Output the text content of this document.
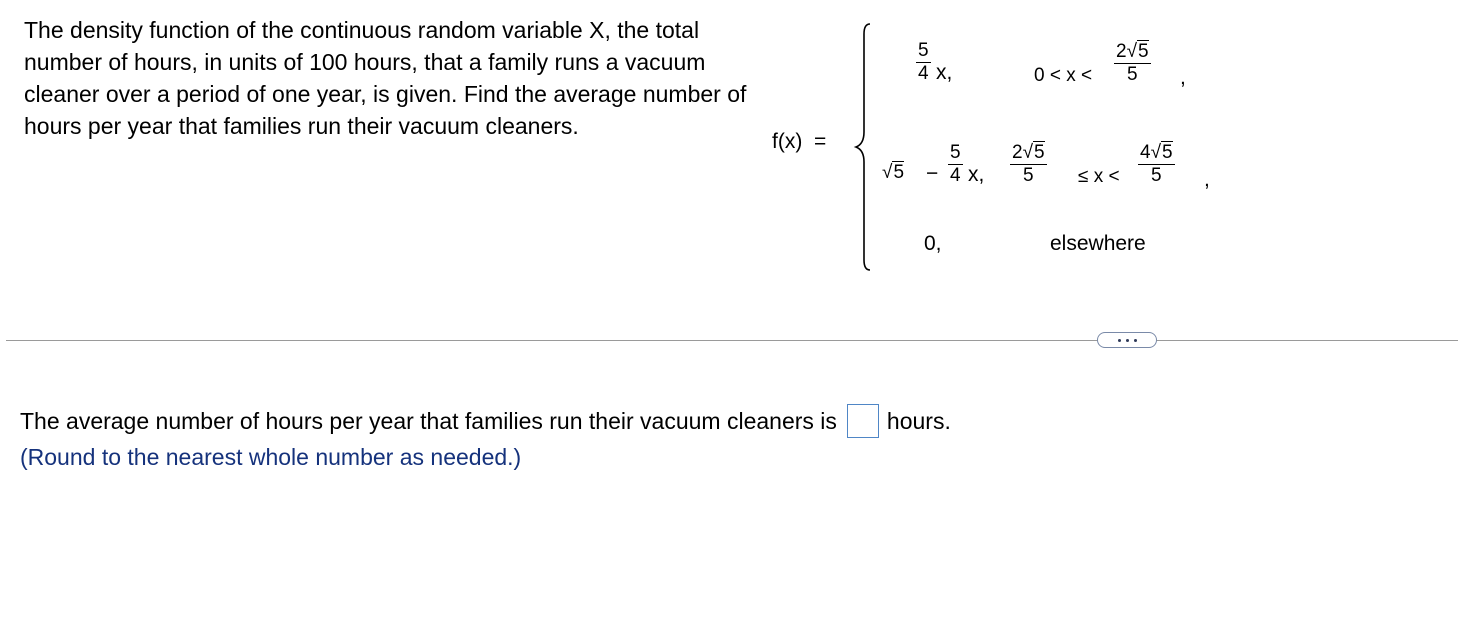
The density function of the continuous random variable X, the total number of hours, in units of 100 hours, that a family runs a vacuum cleaner over a period of one year, is given. Find the average number of hours per year that families run their vacuum cleaners.
f(x)  =
5
4 x,	0 < x <
2√5
5 ,
√5 −
5
4 x,
2√5
5 ≤ x <
4√5
5 ,
0,	elsewhere
The average number of hours per year that families run their vacuum cleaners is hours.
(Round to the nearest whole number as needed.)
